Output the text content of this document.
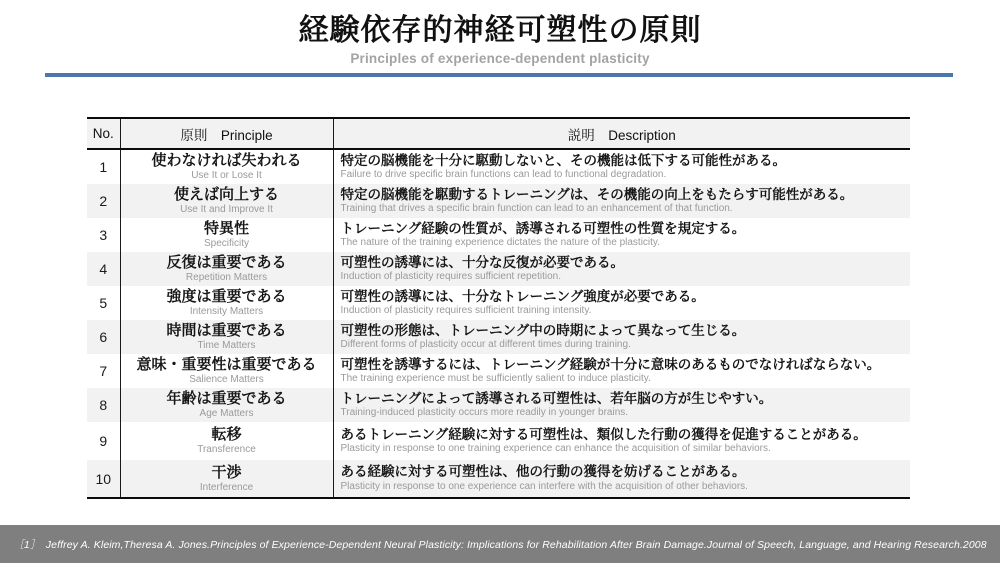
経験依存的神経可塑性の原則
Principles of experience-dependent plasticity
No.	原則　Principle	説明　Description
1	使わなければ失われる
Use It or Lose It

特定の脳機能を十分に駆動しないと、その機能は低下する可能性がある。
Failure to drive specific brain functions can lead to functional degradation.

2	使えば向上する
Use It and Improve It

特定の脳機能を駆動するトレーニングは、その機能の向上をもたらす可能性がある。
Training that drives a specific brain function can lead to an enhancement of that function.

3	特異性
Specificity

トレーニング経験の性質が、誘導される可塑性の性質を規定する。
The nature of the training experience dictates the nature of the plasticity.

4	反復は重要である
Repetition Matters

可塑性の誘導には、十分な反復が必要である。
Induction of plasticity requires sufficient repetition.

5	強度は重要である
Intensity Matters

可塑性の誘導には、十分なトレーニング強度が必要である。
Induction of plasticity requires sufficient training intensity.

6	時間は重要である
Time Matters

可塑性の形態は、トレーニング中の時期によって異なって生じる。
Different forms of plasticity occur at different times during training.

7	意味・重要性は重要である
Salience Matters

可塑性を誘導するには、トレーニング経験が十分に意味のあるものでなければならない。
The training experience must be sufficiently salient to induce plasticity.

8	年齢は重要である
Age Matters

トレーニングによって誘導される可塑性は、若年脳の方が生じやすい。
Training-induced plasticity occurs more readily in younger brains.

9	転移
Transference

あるトレーニング経験に対する可塑性は、類似した行動の獲得を促進することがある。
Plasticity in response to one training experience can enhance the acquisition of similar behaviors.

10	干渉
Interference

ある経験に対する可塑性は、他の行動の獲得を妨げることがある。
Plasticity in response to one experience can interfere with the acquisition of other behaviors.
［1］　Jeffrey A. Kleim,Theresa A. Jones.Principles of Experience-Dependent Neural Plasticity: Implications for Rehabilitation After Brain Damage.Journal of Speech, Language, and Hearing Research.2008
